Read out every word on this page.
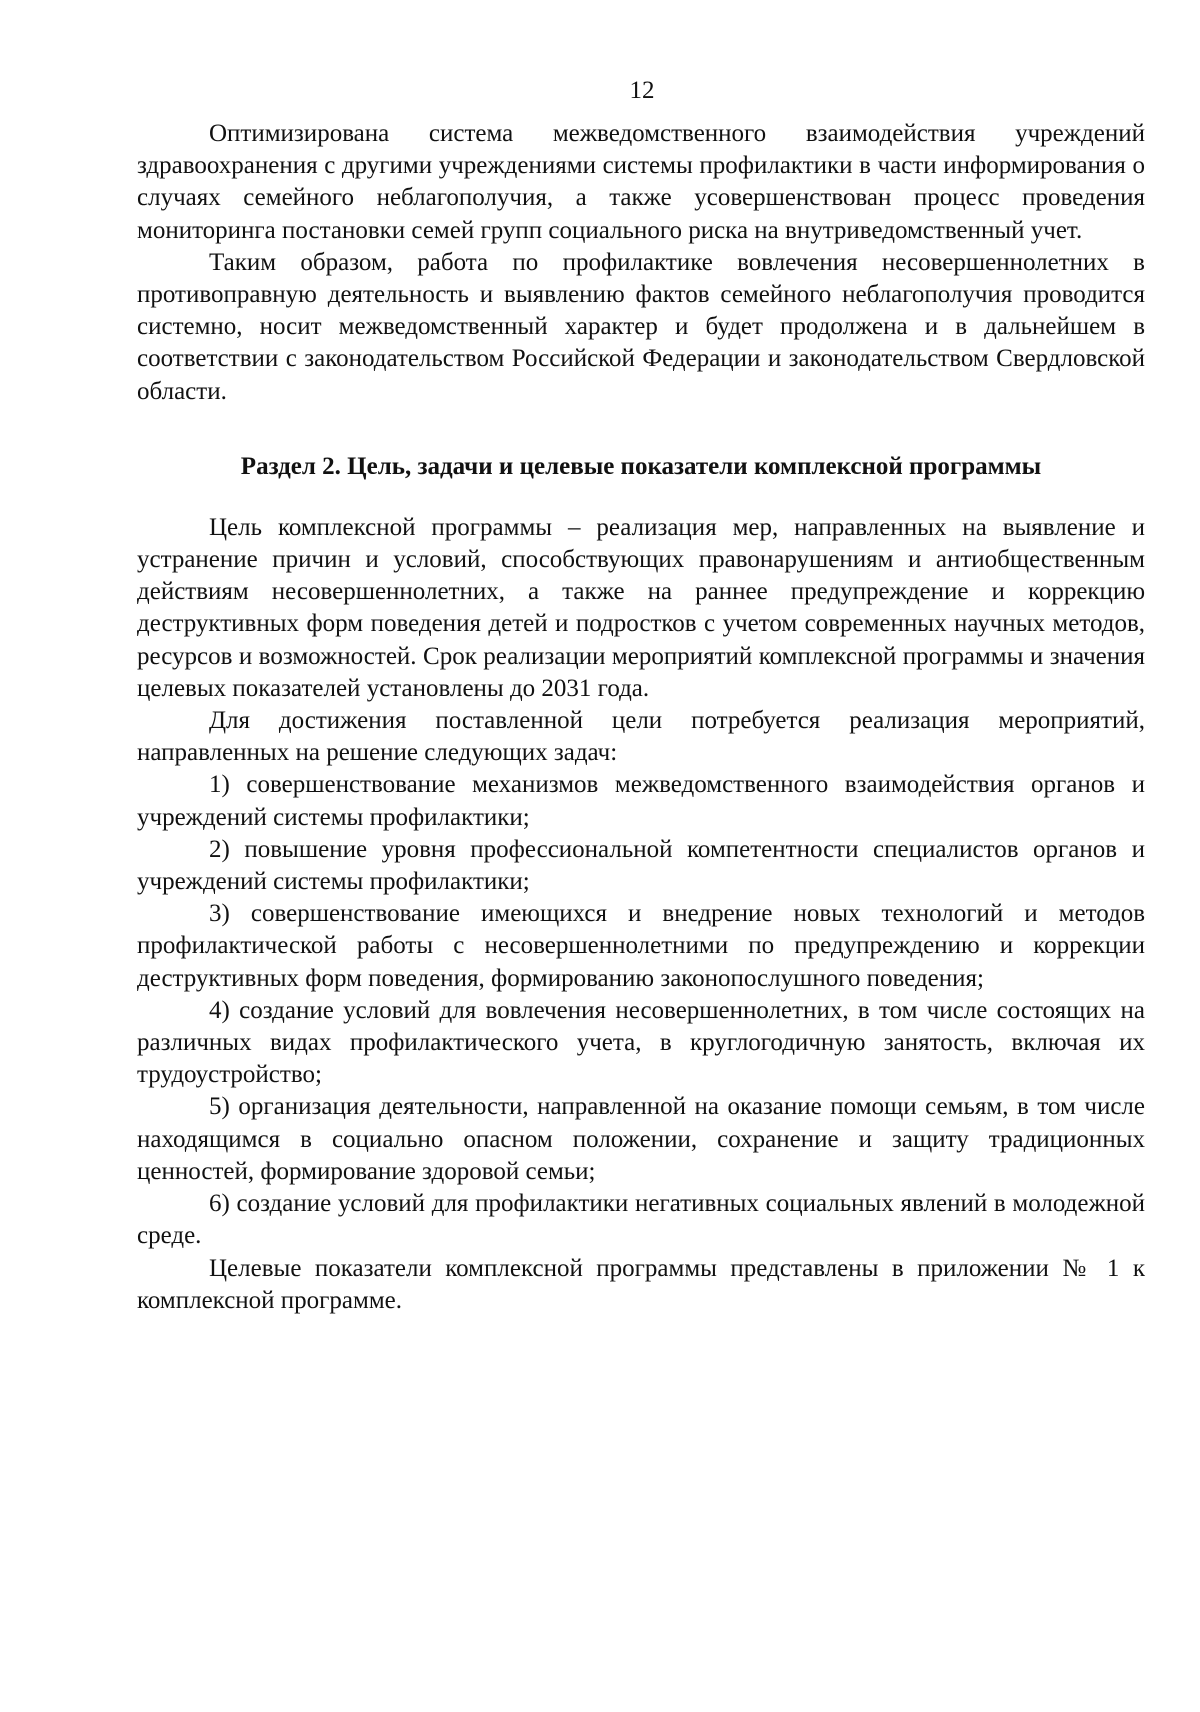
12

Оптимизирована система межведомственного взаимодействия учреждений здравоохранения с другими учреждениями системы профилактики в части информирования о случаях семейного неблагополучия, а также усовершенствован процесс проведения мониторинга постановки семей групп социального риска на внутриведомственный учет.

Таким образом, работа по профилактике вовлечения несовершеннолетних в противоправную деятельность и выявлению фактов семейного неблагополучия проводится системно, носит межведомственный характер и будет продолжена и в дальнейшем в соответствии с законодательством Российской Федерации и законодательством Свердловской области.

Раздел 2. Цель, задачи и целевые показатели комплексной программы

Цель комплексной программы – реализация мер, направленных на выявление и устранение причин и условий, способствующих правонарушениям и антиобщественным действиям несовершеннолетних, а также на раннее предупреждение и коррекцию деструктивных форм поведения детей и подростков с учетом современных научных методов, ресурсов и возможностей. Срок реализации мероприятий комплексной программы и значения целевых показателей установлены до 2031 года.

Для достижения поставленной цели потребуется реализация мероприятий, направленных на решение следующих задач:

1) совершенствование механизмов межведомственного взаимодействия органов и учреждений системы профилактики;

2) повышение уровня профессиональной компетентности специалистов органов и учреждений системы профилактики;

3) совершенствование имеющихся и внедрение новых технологий и методов профилактической работы с несовершеннолетними по предупреждению и коррекции деструктивных форм поведения, формированию законопослушного поведения;

4) создание условий для вовлечения несовершеннолетних, в том числе состоящих на различных видах профилактического учета, в круглогодичную занятость, включая их трудоустройство;

5) организация деятельности, направленной на оказание помощи семьям, в том числе находящимся в социально опасном положении, сохранение и защиту традиционных ценностей, формирование здоровой семьи;

6) создание условий для профилактики негативных социальных явлений в молодежной среде.

Целевые показатели комплексной программы представлены в приложении № 1 к комплексной программе.
